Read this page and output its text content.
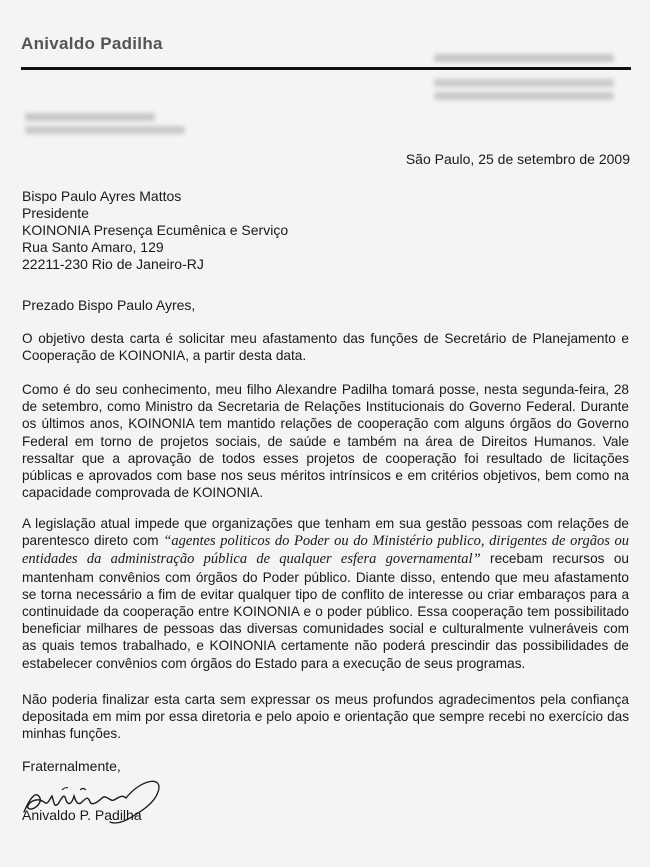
Anivaldo Padilha
São Paulo, 25 de setembro de 2009
Bispo Paulo Ayres Mattos
Presidente
KOINONIA Presença Ecumênica e Serviço
Rua Santo Amaro, 129
22211-230 Rio de Janeiro-RJ
Prezado Bispo Paulo Ayres,

O objetivo desta carta é solicitar meu afastamento das funções de Secretário de Planejamento e Cooperação de KOINONIA, a partir desta data.

Como é do seu conhecimento, meu filho Alexandre Padilha tomará posse, nesta segunda-feira, 28 de setembro, como Ministro da Secretaria de Relações Institucionais do Governo Federal. Durante os últimos anos, KOINONIA tem mantido relações de cooperação com alguns órgãos do Governo Federal em torno de projetos sociais, de saúde e também na área de Direitos Humanos. Vale ressaltar que a aprovação de todos esses projetos de cooperação foi resultado de licitações públicas e aprovados com base nos seus méritos intrínsicos e em critérios objetivos, bem como na capacidade comprovada de KOINONIA.

A legislação atual impede que organizações que tenham em sua gestão pessoas com relações de parentesco direto com “agentes politicos do Poder ou do Ministério publico, dirigentes de orgãos ou entidades da administração pública de qualquer esfera governamental” recebam recursos ou mantenham convênios com órgãos do Poder público. Diante disso, entendo que meu afastamento se torna necessário a fim de evitar qualquer tipo de conflito de interesse ou criar embaraços para a continuidade da cooperação entre KOINONIA e o poder público. Essa cooperação tem possibilitado beneficiar milhares de pessoas das diversas comunidades social e culturalmente vulneráveis com as quais temos trabalhado, e KOINONIA certamente não poderá prescindir das possibilidades de estabelecer convênios com órgãos do Estado para a execução de seus programas.

Não poderia finalizar esta carta sem expressar os meus profundos agradecimentos pela confiança depositada em mim por essa diretoria e pelo apoio e orientação que sempre recebi no exercício das minhas funções.

Fraternalmente,
Anivaldo P. Padilha
